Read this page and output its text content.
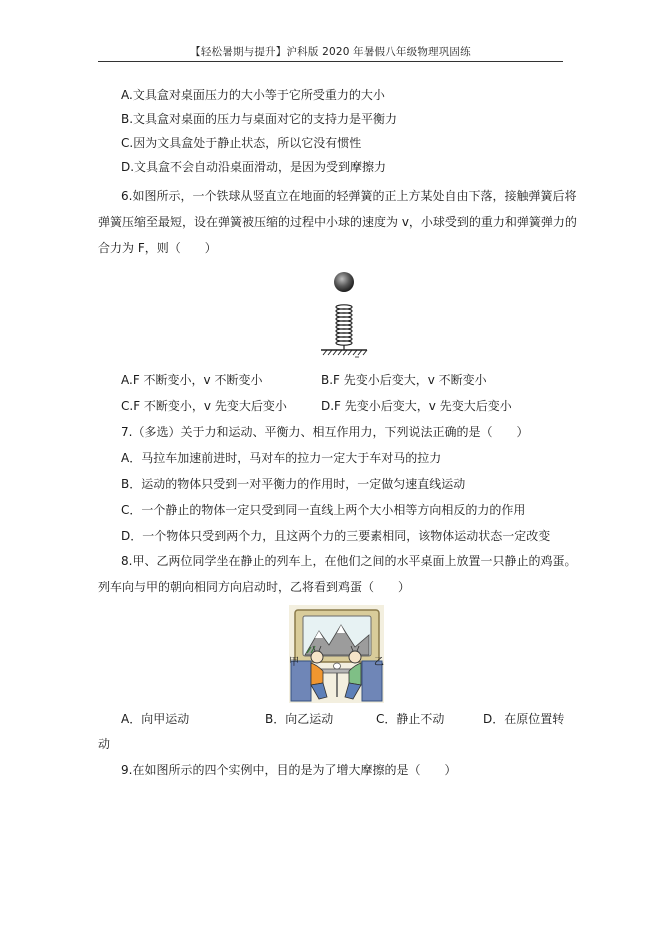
【轻松暑期与提升】沪科版 2020 年暑假八年级物理巩固练
A.文具盒对桌面压力的大小等于它所受重力的大小
B.文具盒对桌面的压力与桌面对它的支持力是平衡力
C.因为文具盒处于静止状态，所以它没有惯性
D.文具盒不会自动沿桌面滑动，是因为受到摩擦力
6.如图所示，一个铁球从竖直立在地面的轻弹簧的正上方某处自由下落，接触弹簧后将
弹簧压缩至最短，设在弹簧被压缩的过程中小球的速度为 v，小球受到的重力和弹簧弹力的
合力为 F，则（　　）
A.F 不断变小，v 不断变小	B.F 先变小后变大，v 不断变小
C.F 不断变小，v 先变大后变小	D.F 先变小后变大，v 先变大后变小
7.（多选）关于力和运动、平衡力、相互作用力，下列说法正确的是（　　）
A．马拉车加速前进时，马对车的拉力一定大于车对马的拉力
B．运动的物体只受到一对平衡力的作用时，一定做匀速直线运动
C．一个静止的物体一定只受到同一直线上两个大小相等方向相反的力的作用
D．一个物体只受到两个力，且这两个力的三要素相同，该物体运动状态一定改变
8.甲、乙两位同学坐在静止的列车上，在他们之间的水平桌面上放置一只静止的鸡蛋。
列车向与甲的朝向相同方向启动时，乙将看到鸡蛋（　　）
甲	乙
A．向甲运动	B．向乙运动	C．静止不动	D．在原位置转
动
9.在如图所示的四个实例中，目的是为了增大摩擦的是（　　）
